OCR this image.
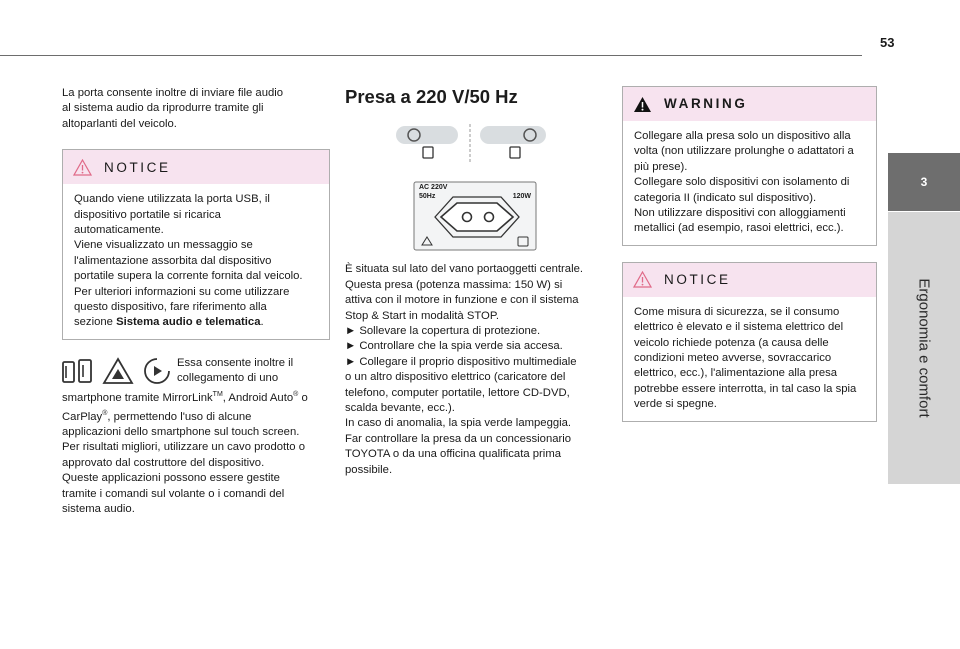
53
3
Ergonomia e comfort

La porta consente inoltre di inviare file audio
al sistema audio da riprodurre tramite gli
altoparlanti del veicolo.

NOTICE
Quando viene utilizzata la porta USB, il
dispositivo portatile si ricarica
automaticamente.
Viene visualizzato un messaggio se
l'alimentazione assorbita dal dispositivo
portatile supera la corrente fornita dal veicolo.
Per ulteriori informazioni su come utilizzare
questo dispositivo, fare riferimento alla
sezione Sistema audio e telematica.
Essa consente inoltre il
collegamento di uno
smartphone tramite MirrorLink™, Android Auto® o
CarPlay®, permettendo l'uso di alcune
applicazioni dello smartphone sul touch screen.
Per risultati migliori, utilizzare un cavo prodotto o
approvato dal costruttore del dispositivo.
Queste applicazioni possono essere gestite
tramite i comandi sul volante o i comandi del
sistema audio.
Presa a 220 V/50 Hz
AC 220V
50Hz	120W

È situata sul lato del vano portaoggetti centrale.
Questa presa (potenza massima: 150 W) si
attiva con il motore in funzione e con il sistema
Stop & Start in modalità STOP.
► Sollevare la copertura di protezione.
► Controllare che la spia verde sia accesa.
► Collegare il proprio dispositivo multimediale
o un altro dispositivo elettrico (caricatore del
telefono, computer portatile, lettore CD-DVD,
scalda bevante, ecc.).
In caso di anomalia, la spia verde lampeggia.
Far controllare la presa da un concessionario
TOYOTA o da una officina qualificata prima
possibile.

WARNING
Collegare alla presa solo un dispositivo alla
volta (non utilizzare prolunghe o adattatori a
più prese).
Collegare solo dispositivi con isolamento di
categoria II (indicato sul dispositivo).
Non utilizzare dispositivi con alloggiamenti
metallici (ad esempio, rasoi elettrici, ecc.).
NOTICE
Come misura di sicurezza, se il consumo
elettrico è elevato e il sistema elettrico del
veicolo richiede potenza (a causa delle
condizioni meteo avverse, sovraccarico
elettrico, ecc.), l'alimentazione alla presa
potrebbe essere interrotta, in tal caso la spia
verde si spegne.
